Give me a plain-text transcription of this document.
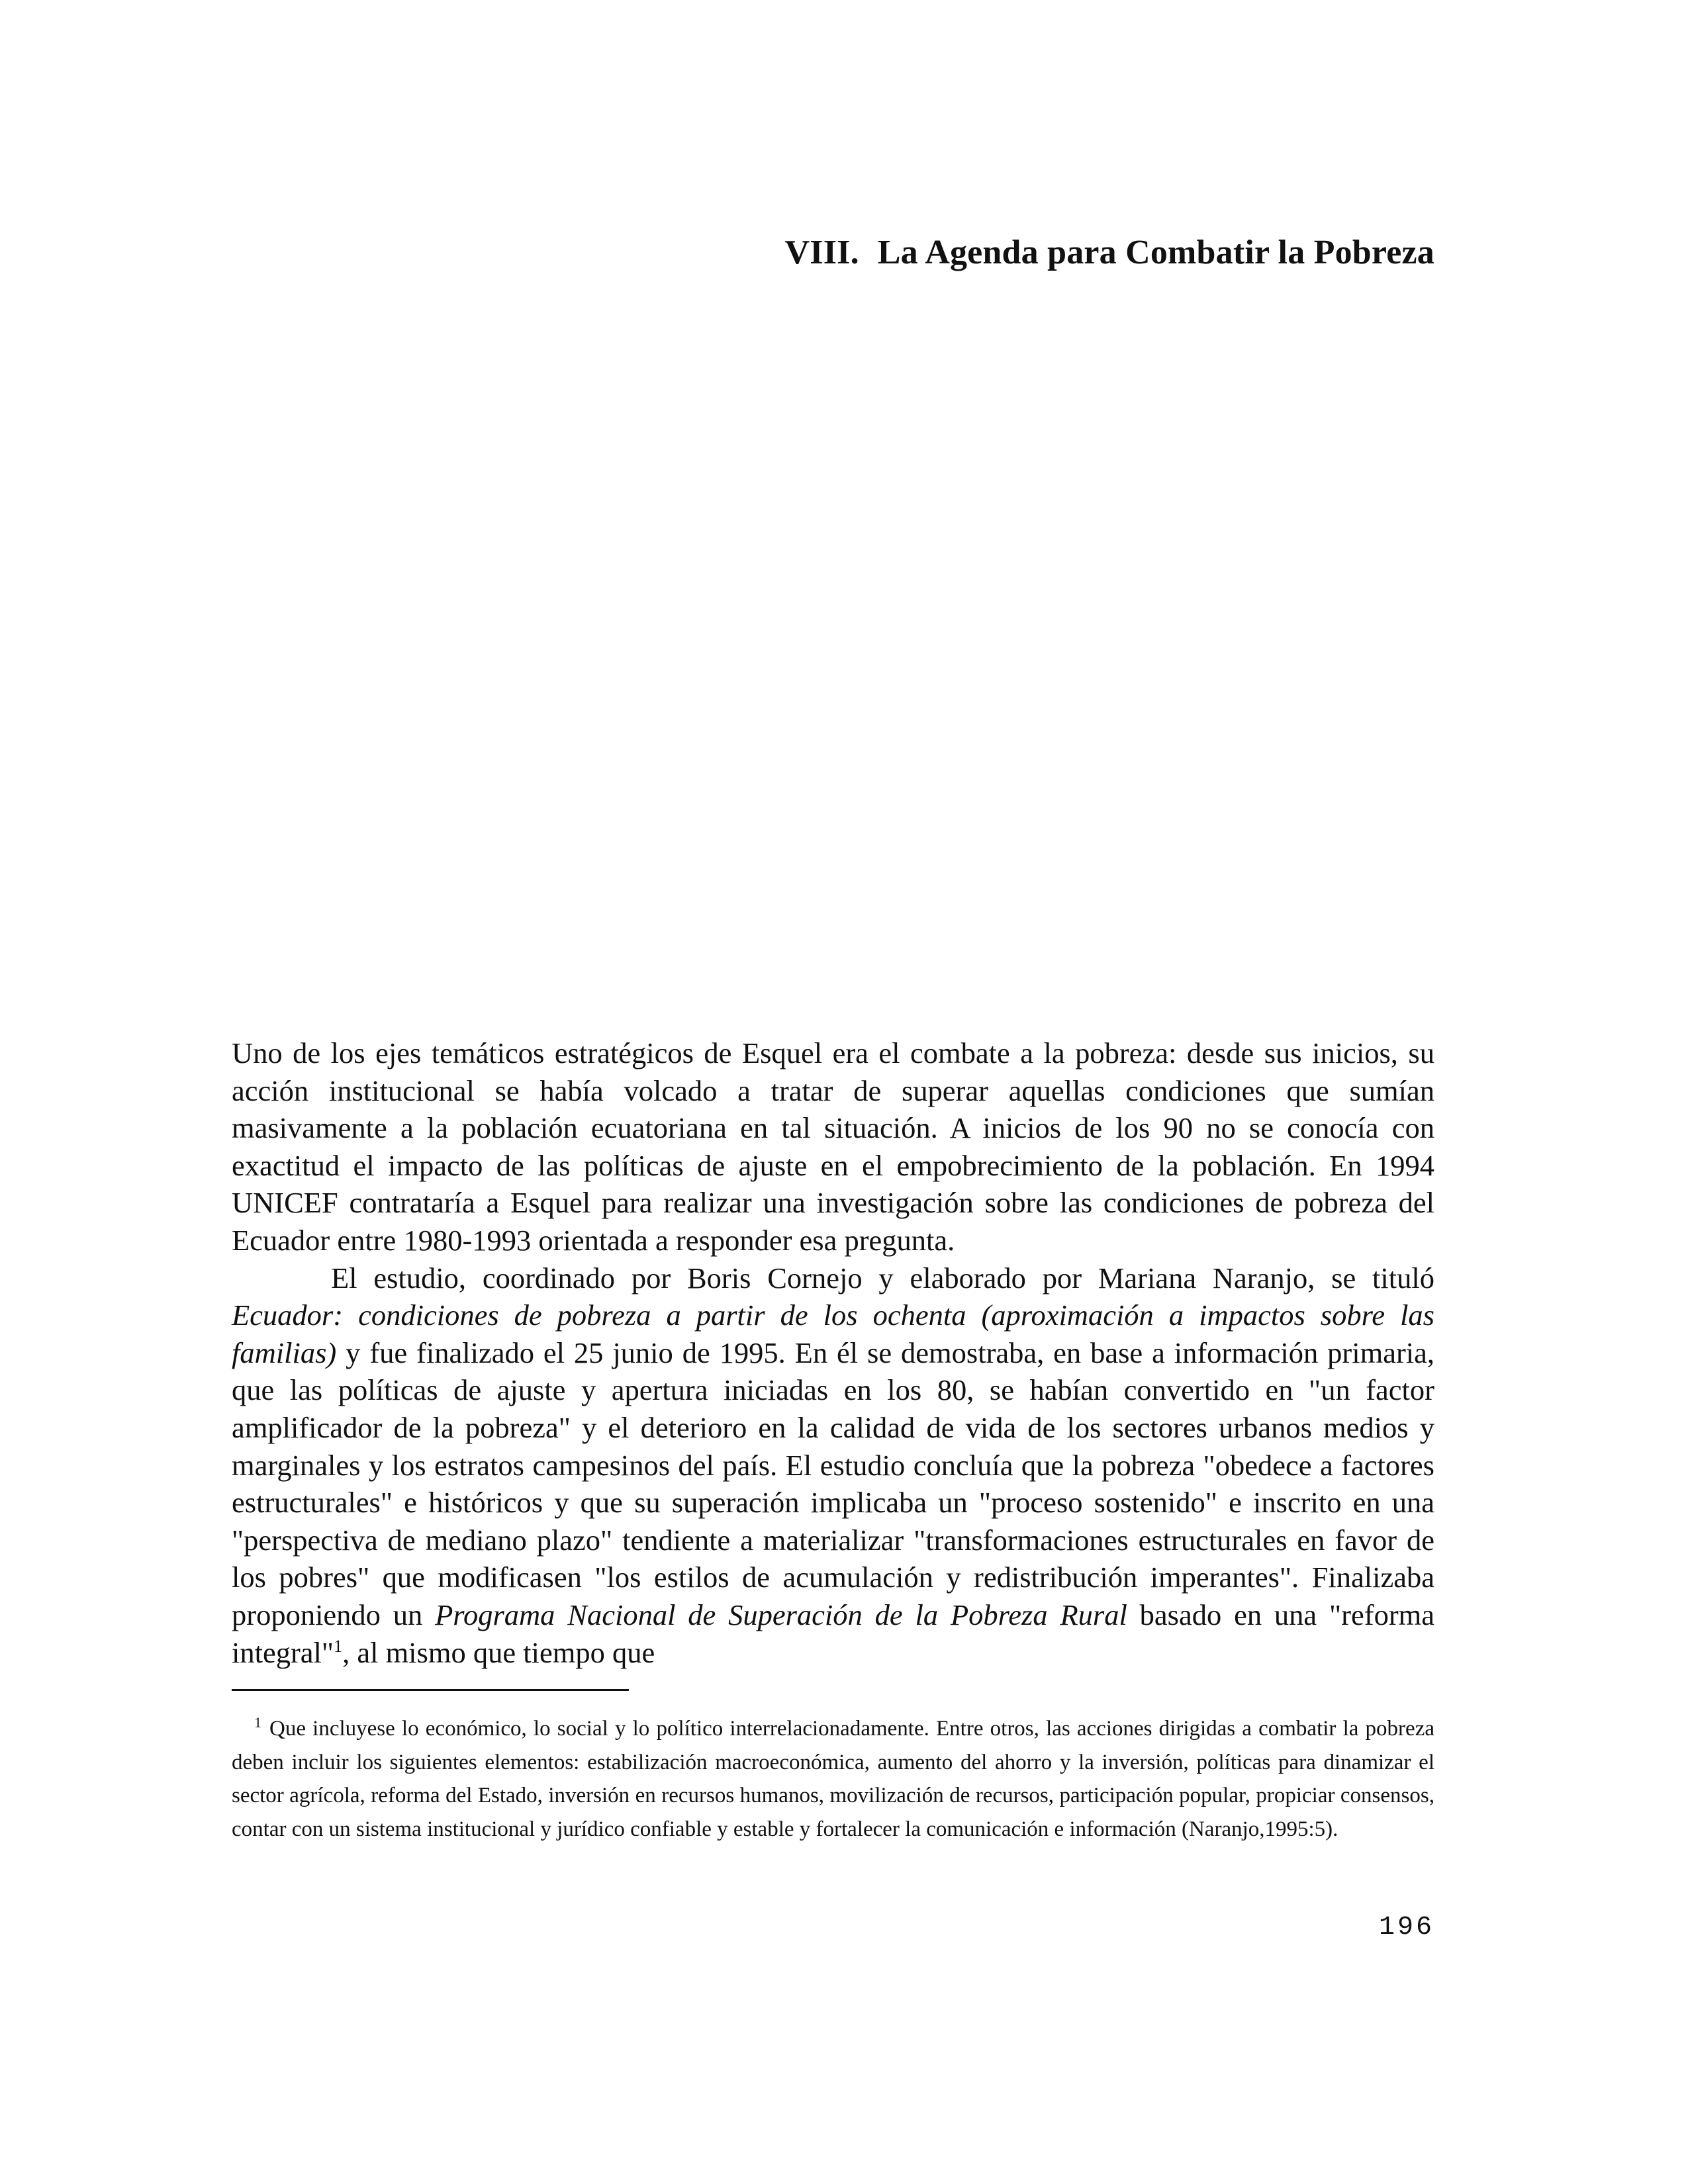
VIII. La Agenda para Combatir la Pobreza

Uno de los ejes temáticos estratégicos de Esquel era el combate a la pobreza: desde sus inicios, su acción institucional se había volcado a tratar de superar aquellas condiciones que sumían masivamente a la población ecuatoriana en tal situación. A inicios de los 90 no se conocía con exactitud el impacto de las políticas de ajuste en el empobrecimiento de la población. En 1994 UNICEF contrataría a Esquel para realizar una investigación sobre las condiciones de pobreza del Ecuador entre 1980-1993 orientada a responder esa pregunta.

El estudio, coordinado por Boris Cornejo y elaborado por Mariana Naranjo, se tituló Ecuador: condiciones de pobreza a partir de los ochenta (aproximación a impactos sobre las familias) y fue finalizado el 25 junio de 1995. En él se demostraba, en base a información primaria, que las políticas de ajuste y apertura iniciadas en los 80, se habían convertido en "un factor amplificador de la pobreza" y el deterioro en la calidad de vida de los sectores urbanos medios y marginales y los estratos campesinos del país. El estudio concluía que la pobreza "obedece a factores estructurales" e históricos y que su superación implicaba un "proceso sostenido" e inscrito en una "perspectiva de mediano plazo" tendiente a materializar "transformaciones estructurales en favor de los pobres" que modificasen "los estilos de acumulación y redistribución imperantes". Finalizaba proponiendo un Programa Nacional de Superación de la Pobreza Rural basado en una "reforma integral"$^1$, al mismo que tiempo que

$^1$ Que incluyese lo económico, lo social y lo político interrelacionadamente. Entre otros, las acciones dirigidas a combatir la pobreza deben incluir los siguientes elementos: estabilización macroeconómica, aumento del ahorro y la inversión, políticas para dinamizar el sector agrícola, reforma del Estado, inversión en recursos humanos, movilización de recursos, participación popular, propiciar consensos, contar con un sistema institucional y jurídico confiable y estable y fortalecer la comunicación e información (Naranjo,1995:5).

196
